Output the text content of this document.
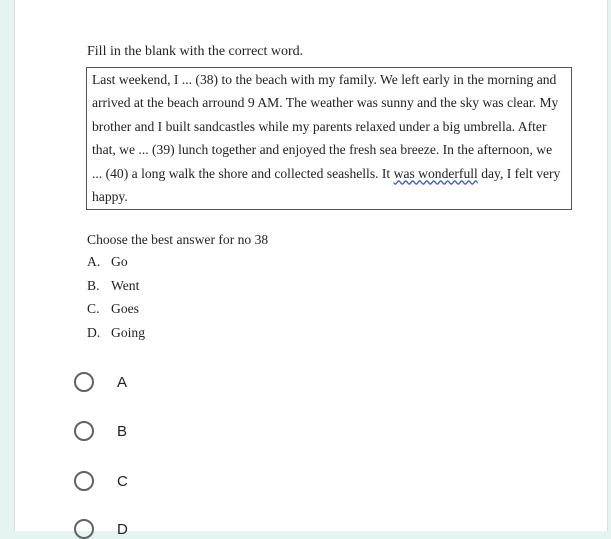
Fill in the blank with the correct word.
Last weekend, I ... (38) to the beach with my family. We left early in the morning and
arrived at the beach arround 9 AM. The weather was sunny and the sky was clear. My
brother and I built sandcastles while my parents relaxed under a big umbrella. After
that, we ... (39) lunch together and enjoyed the fresh sea breeze. In the afternoon, we
... (40) a long walk the shore and collected seashells. It was wonderfull day, I felt very
happy.
Choose the best answer for no 38
A. Go
B. Went
C. Goes
D. Going
A
B
C
D
